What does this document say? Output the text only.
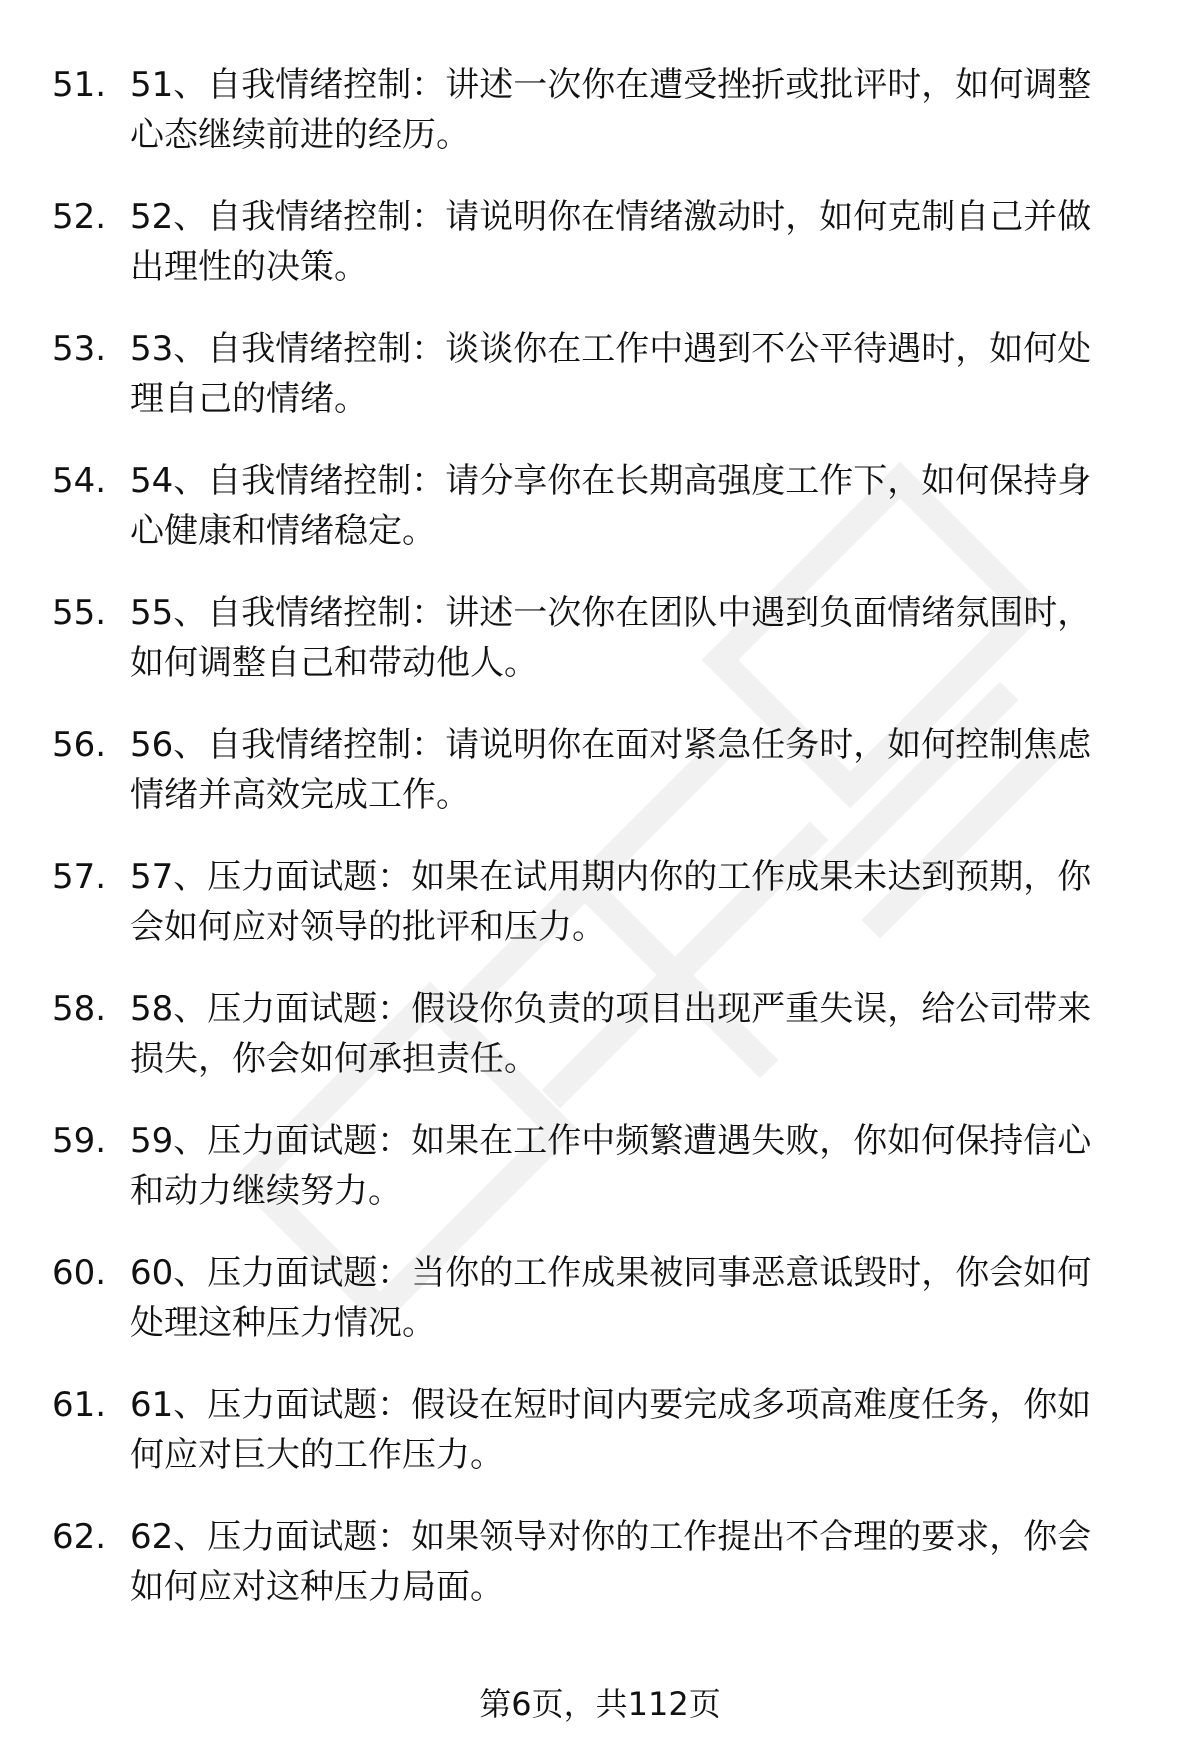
51. 51、自我情绪控制：讲述一次你在遭受挫折或批评时，如何调整
心态继续前进的经历。
52. 52、自我情绪控制：请说明你在情绪激动时，如何克制自己并做
出理性的决策。
53. 53、自我情绪控制：谈谈你在工作中遇到不公平待遇时，如何处
理自己的情绪。
54. 54、自我情绪控制：请分享你在长期高强度工作下，如何保持身
心健康和情绪稳定。
55. 55、自我情绪控制：讲述一次你在团队中遇到负面情绪氛围时，
如何调整自己和带动他人。
56. 56、自我情绪控制：请说明你在面对紧急任务时，如何控制焦虑
情绪并高效完成工作。
57. 57、压力面试题：如果在试用期内你的工作成果未达到预期，你
会如何应对领导的批评和压力。
58. 58、压力面试题：假设你负责的项目出现严重失误，给公司带来
损失，你会如何承担责任。
59. 59、压力面试题：如果在工作中频繁遭遇失败，你如何保持信心
和动力继续努力。
60. 60、压力面试题：当你的工作成果被同事恶意诋毁时，你会如何
处理这种压力情况。
61. 61、压力面试题：假设在短时间内要完成多项高难度任务，你如
何应对巨大的工作压力。
62. 62、压力面试题：如果领导对你的工作提出不合理的要求，你会
如何应对这种压力局面。
第6页，共112页
